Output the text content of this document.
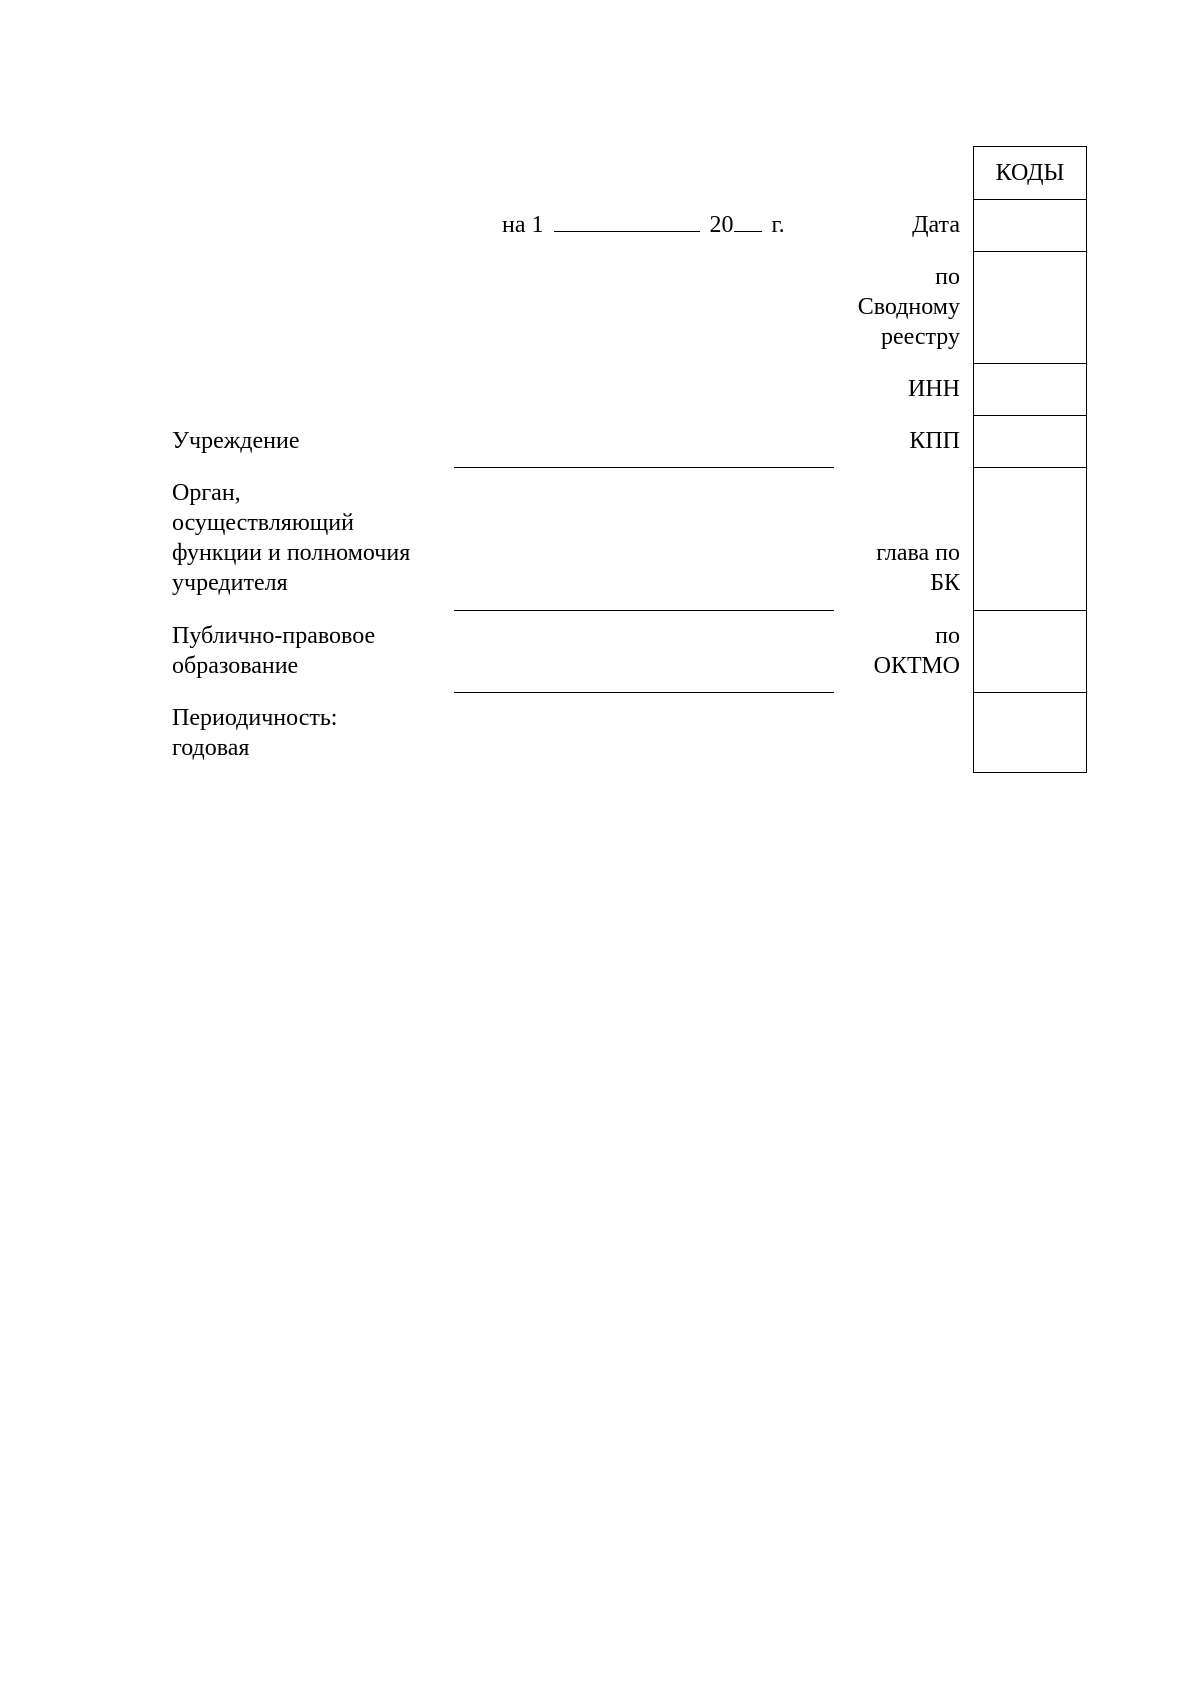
на 1	20 г.	Дата
по
Сводному
реестру
ИНН
КПП
глава по
БК
по
ОКТМО
Учреждение
Орган,
осуществляющий
функции и полномочия
учредителя
Публично-правовое
образование
Периодичность:
годовая
КОДЫ
